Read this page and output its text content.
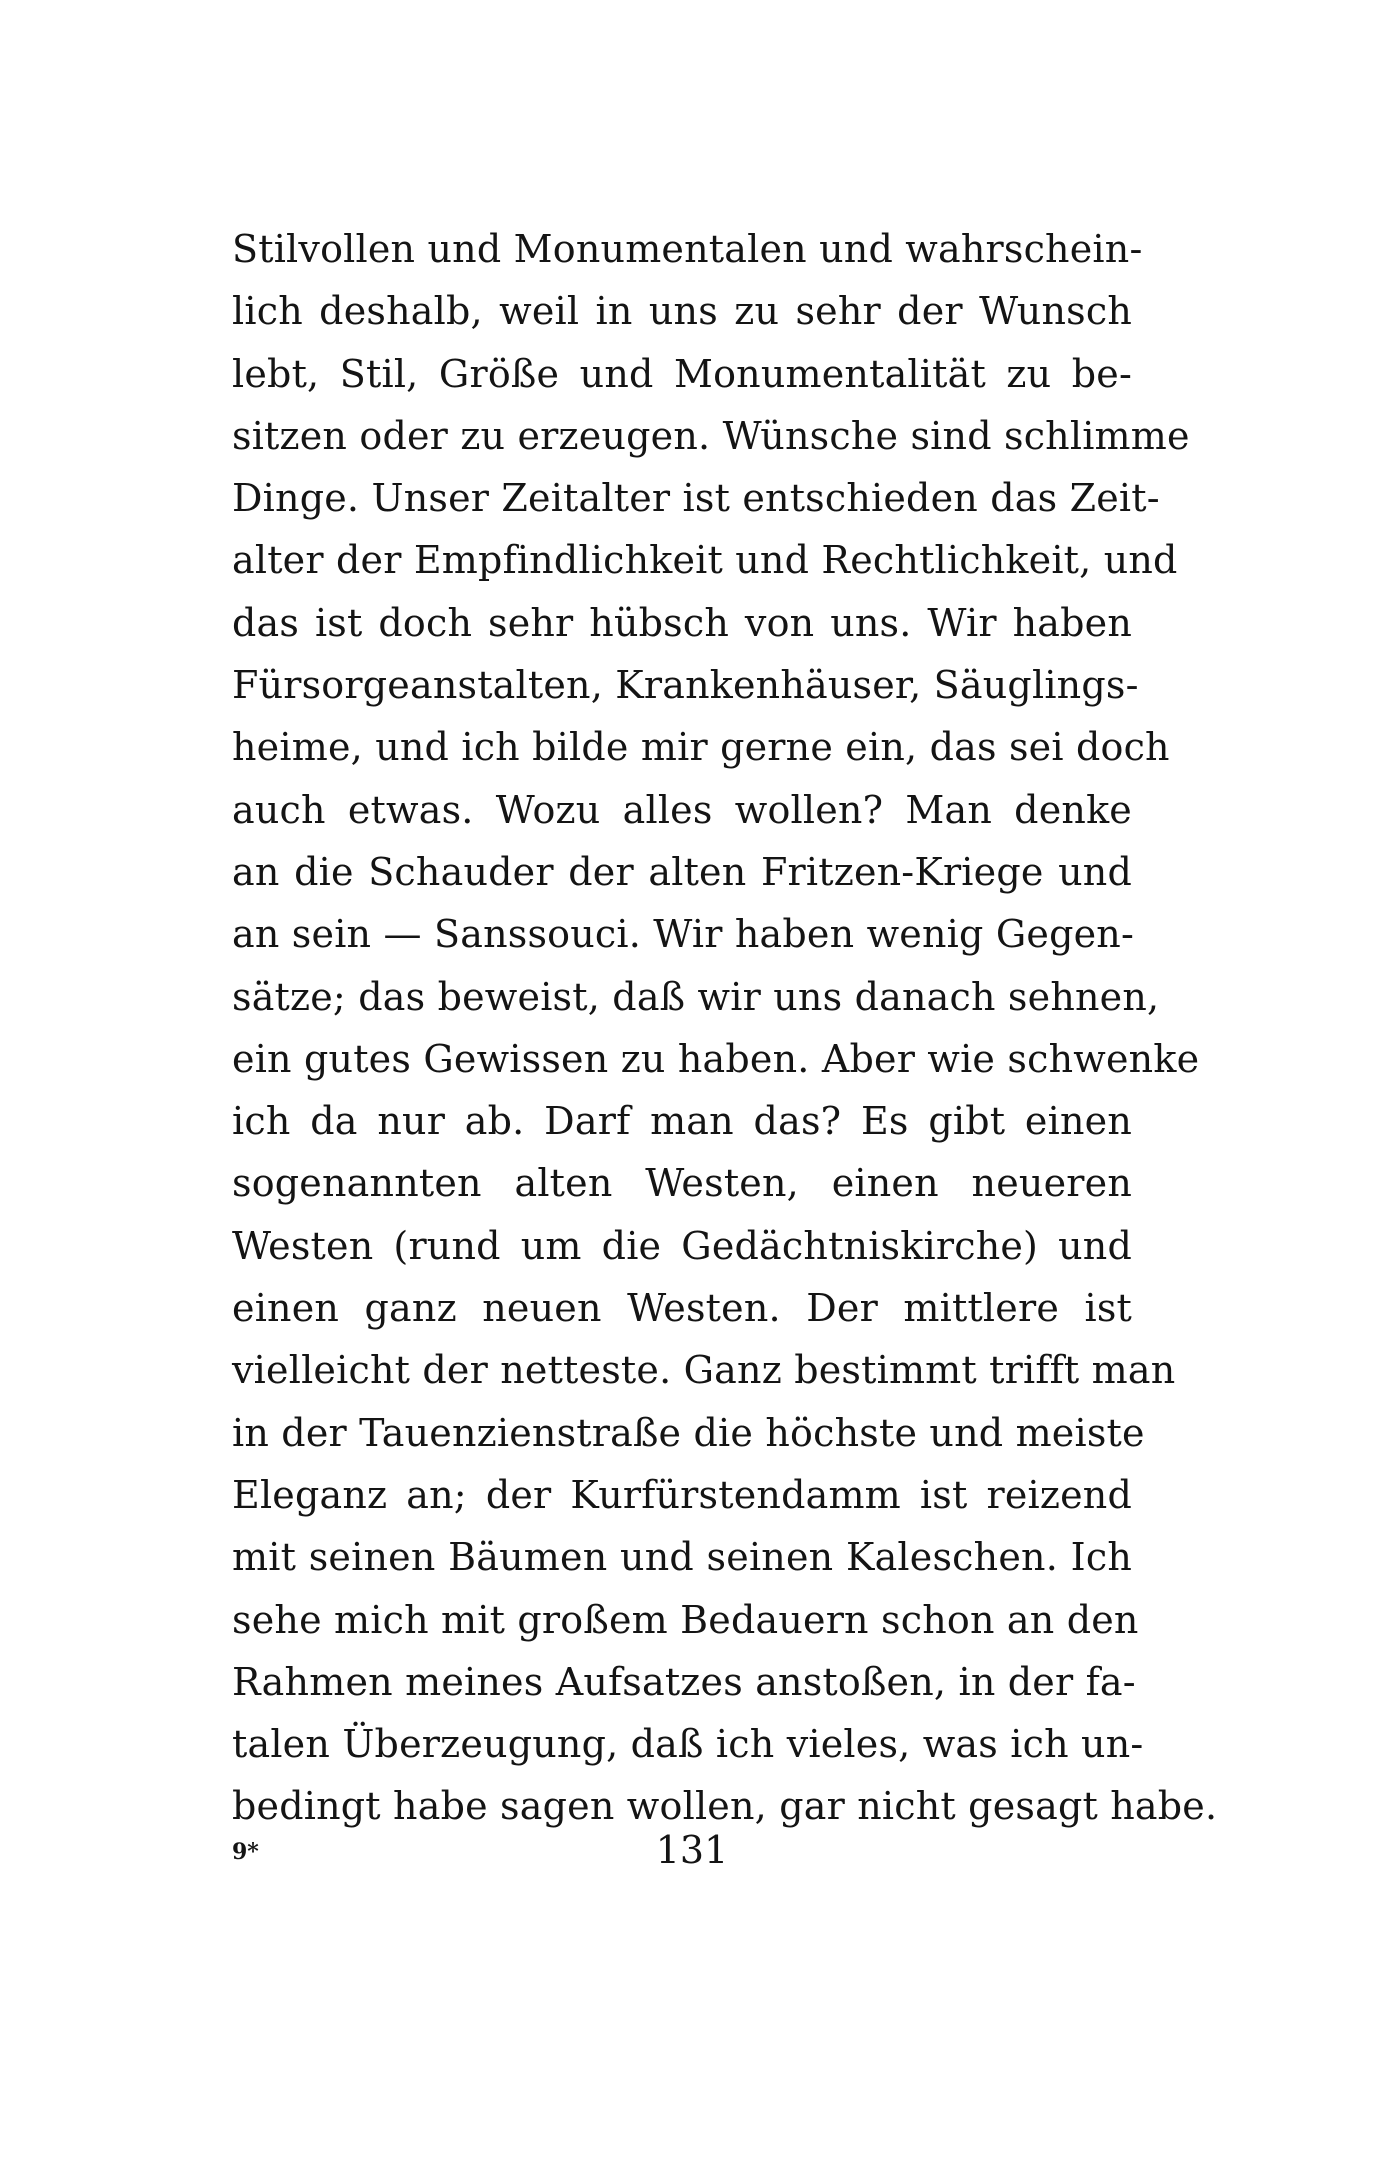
Stilvollen und Monumentalen und wahrschein-
lich deshalb, weil in uns zu sehr der Wunsch
lebt, Stil, Größe und Monumentalität zu be-
sitzen oder zu erzeugen. Wünsche sind schlimme
Dinge. Unser Zeitalter ist entschieden das Zeit-
alter der Empfindlichkeit und Rechtlichkeit, und
das ist doch sehr hübsch von uns. Wir haben
Fürsorgeanstalten, Krankenhäuser, Säuglings-
heime, und ich bilde mir gerne ein, das sei doch
auch etwas. Wozu alles wollen? Man denke
an die Schauder der alten Fritzen-Kriege und
an sein — Sanssouci. Wir haben wenig Gegen-
sätze; das beweist, daß wir uns danach sehnen,
ein gutes Gewissen zu haben. Aber wie schwenke
ich da nur ab. Darf man das? Es gibt einen
sogenannten alten Westen, einen neueren
Westen (rund um die Gedächtniskirche) und
einen ganz neuen Westen. Der mittlere ist
vielleicht der netteste. Ganz bestimmt trifft man
in der Tauenzienstraße die höchste und meiste
Eleganz an; der Kurfürstendamm ist reizend
mit seinen Bäumen und seinen Kaleschen. Ich
sehe mich mit großem Bedauern schon an den
Rahmen meines Aufsatzes anstoßen, in der fa-
talen Überzeugung, daß ich vieles, was ich un-
bedingt habe sagen wollen, gar nicht gesagt habe.
9*	131
